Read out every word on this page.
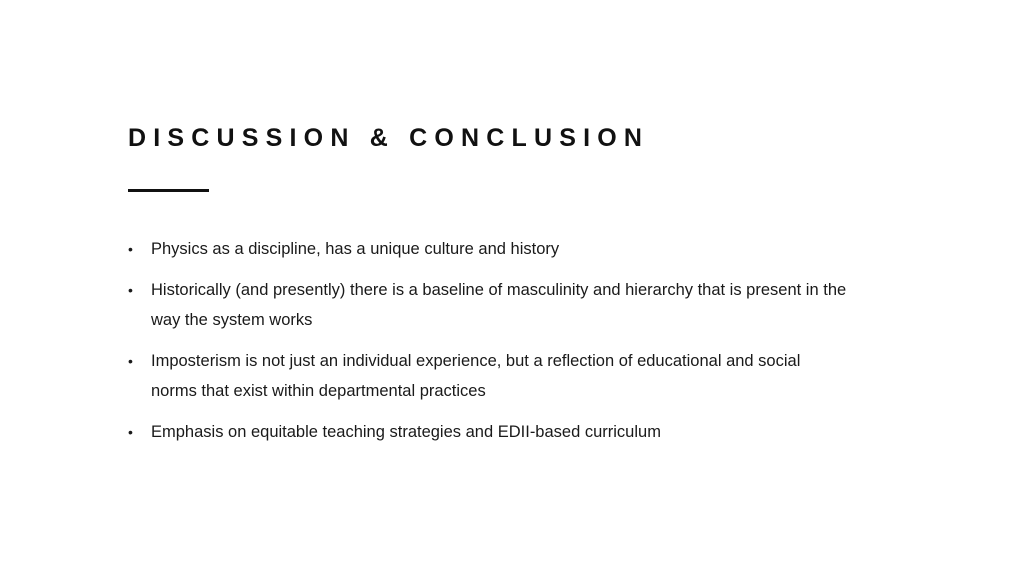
DISCUSSION & CONCLUSION
•	Physics as a discipline, has a unique culture and history
•	Historically (and presently) there is a baseline of masculinity and hierarchy that is present in the way the system works
•	Imposterism is not just an individual experience, but a reflection of educational and social norms that exist within departmental practices
•	Emphasis on equitable teaching strategies and EDII-based curriculum
